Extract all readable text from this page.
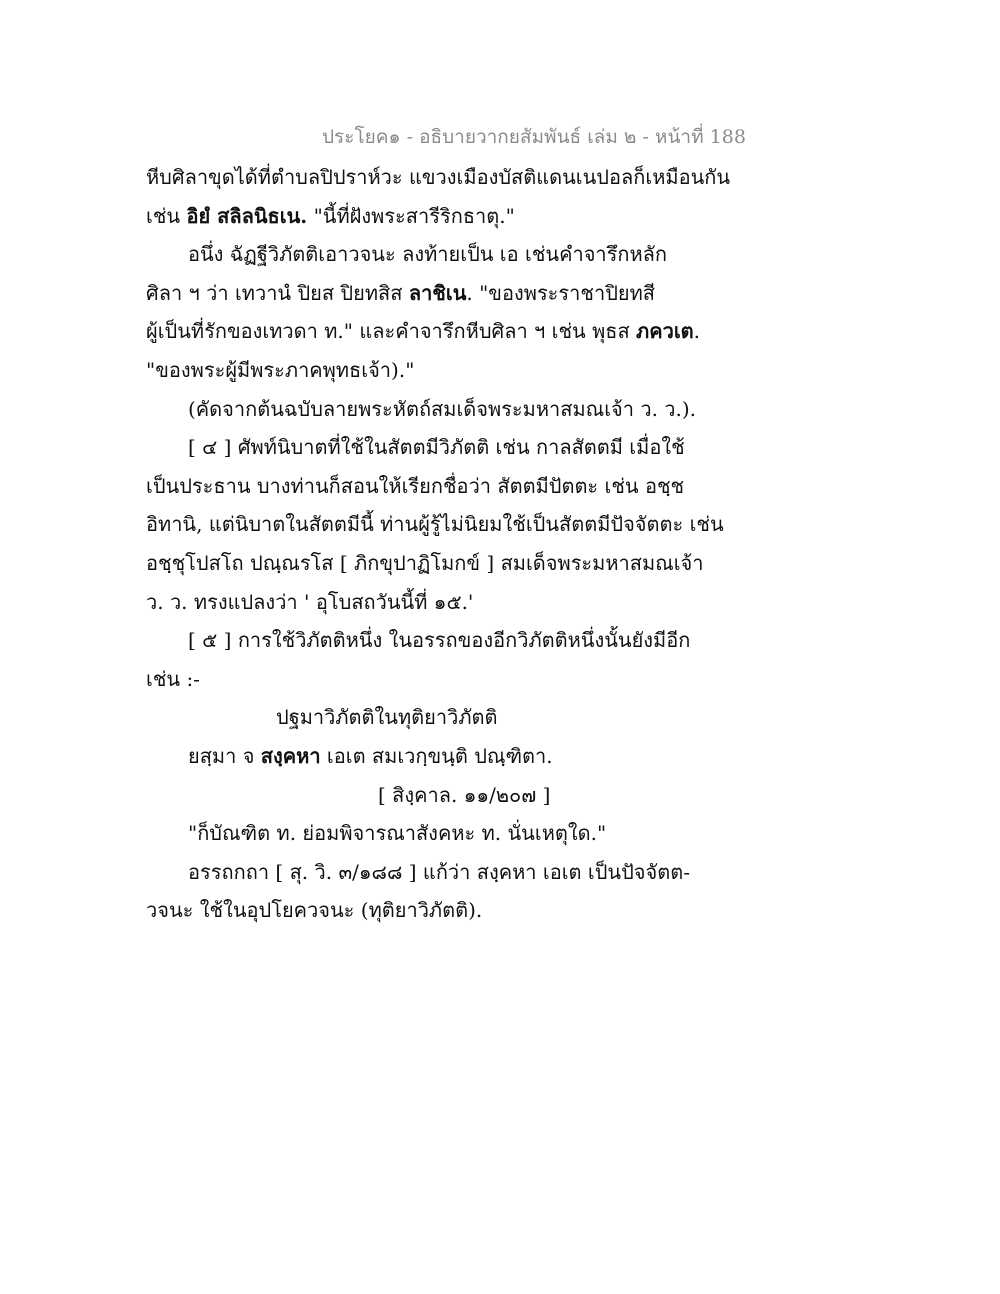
ประโยค๑ - อธิบายวากยสัมพันธ์ เล่ม ๒ - หน้าที่ 188
หีบศิลาขุดได้ที่ตำบลปิปราห์วะ แขวงเมืองบัสติแดนเนปอลก็เหมือนกัน
เช่น อิยํ สลิลนิธเน. "นี้ที่ฝังพระสารีริกธาตุ."
อนึ่ง ฉัฏฐีวิภัตติเอาวจนะ ลงท้ายเป็น เอ เช่นคำจารึกหลัก
ศิลา ฯ ว่า เทวานํ ปิยส ปิยทสิส ลาชิเน. "ของพระราชาปิยทสี
ผู้เป็นที่รักของเทวดา ท." และคำจารึกหีบศิลา ฯ เช่น พุธส ภควเต.
"ของพระผู้มีพระภาคพุทธเจ้า)."
(คัดจากต้นฉบับลายพระหัตถ์สมเด็จพระมหาสมณเจ้า ว. ว.).
[ ๔ ] ศัพท์นิบาตที่ใช้ในสัตตมีวิภัตติ เช่น กาลสัตตมี เมื่อใช้
เป็นประธาน บางท่านก็สอนให้เรียกชื่อว่า สัตตมีปัตตะ เช่น อชฺช
อิทานิ, แต่นิบาตในสัตตมีนี้ ท่านผู้รู้ไม่นิยมใช้เป็นสัตตมีปัจจัตตะ เช่น
อชฺชุโปสโถ ปณฺณรโส [ ภิกขุปาฏิโมกข์ ] สมเด็จพระมหาสมณเจ้า
ว. ว. ทรงแปลงว่า ' อุโบสถวันนี้ที่ ๑๕.'
[ ๕ ] การใช้วิภัตติหนึ่ง ในอรรถของอีกวิภัตติหนึ่งนั้นยังมีอีก
เช่น :-
ปฐมาวิภัตติในทุติยาวิภัตติ
ยสฺมา จ สงฺคหา เอเต สมเวกฺขนฺติ ปณฺฑิตา.
[ สิงฺคาล. ๑๑/๒๐๗ ]
"ก็บัณฑิต ท. ย่อมพิจารณาสังคหะ ท. นั่นเหตุใด."
อรรถกถา [ สุ. วิ. ๓/๑๘๘ ] แก้ว่า สงฺคหา เอเต เป็นปัจจัตต-
วจนะ ใช้ในอุปโยควจนะ (ทุติยาวิภัตติ).
